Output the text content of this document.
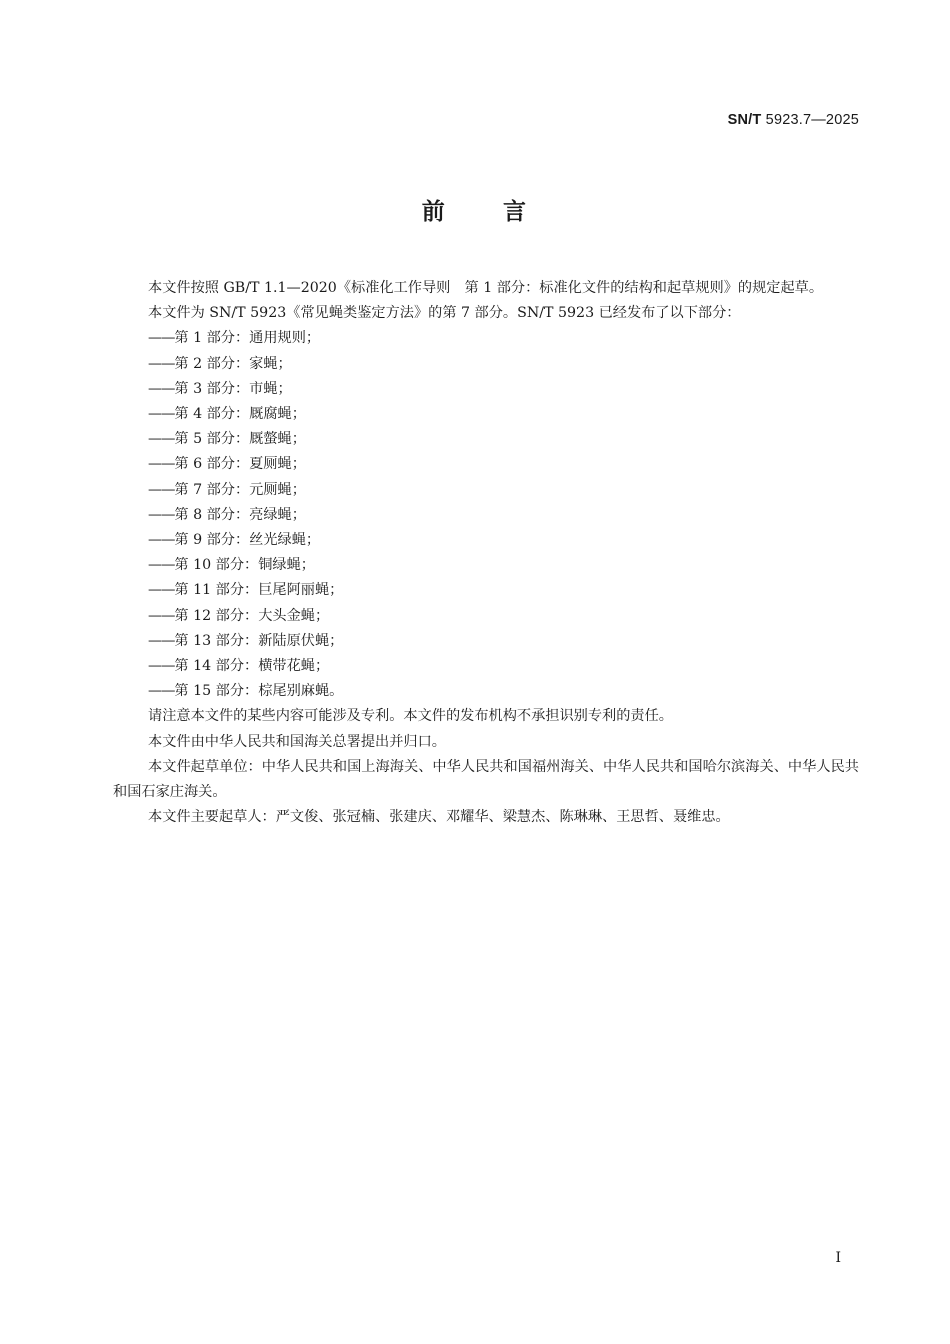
SN/T 5923.7—2025
前 言

本文件按照 GB/T 1.1—2020《标准化工作导则　第 1 部分：标准化文件的结构和起草规则》的规定起草。

本文件为 SN/T 5923《常见蝇类鉴定方法》的第 7 部分。SN/T 5923 已经发布了以下部分：

——第 1 部分：通用规则；
——第 2 部分：家蝇；
——第 3 部分：市蝇；
——第 4 部分：厩腐蝇；
——第 5 部分：厩螫蝇；
——第 6 部分：夏厕蝇；
——第 7 部分：元厕蝇；
——第 8 部分：亮绿蝇；
——第 9 部分：丝光绿蝇；
——第 10 部分：铜绿蝇；
——第 11 部分：巨尾阿丽蝇；
——第 12 部分：大头金蝇；
——第 13 部分：新陆原伏蝇；
——第 14 部分：横带花蝇；
——第 15 部分：棕尾别麻蝇。

请注意本文件的某些内容可能涉及专利。本文件的发布机构不承担识别专利的责任。

本文件由中华人民共和国海关总署提出并归口。

本文件起草单位：中华人民共和国上海海关、中华人民共和国福州海关、中华人民共和国哈尔滨海关、中华人民共和国石家庄海关。

本文件主要起草人：严文俊、张冠楠、张建庆、邓耀华、梁慧杰、陈琳琳、王思哲、聂维忠。

I
